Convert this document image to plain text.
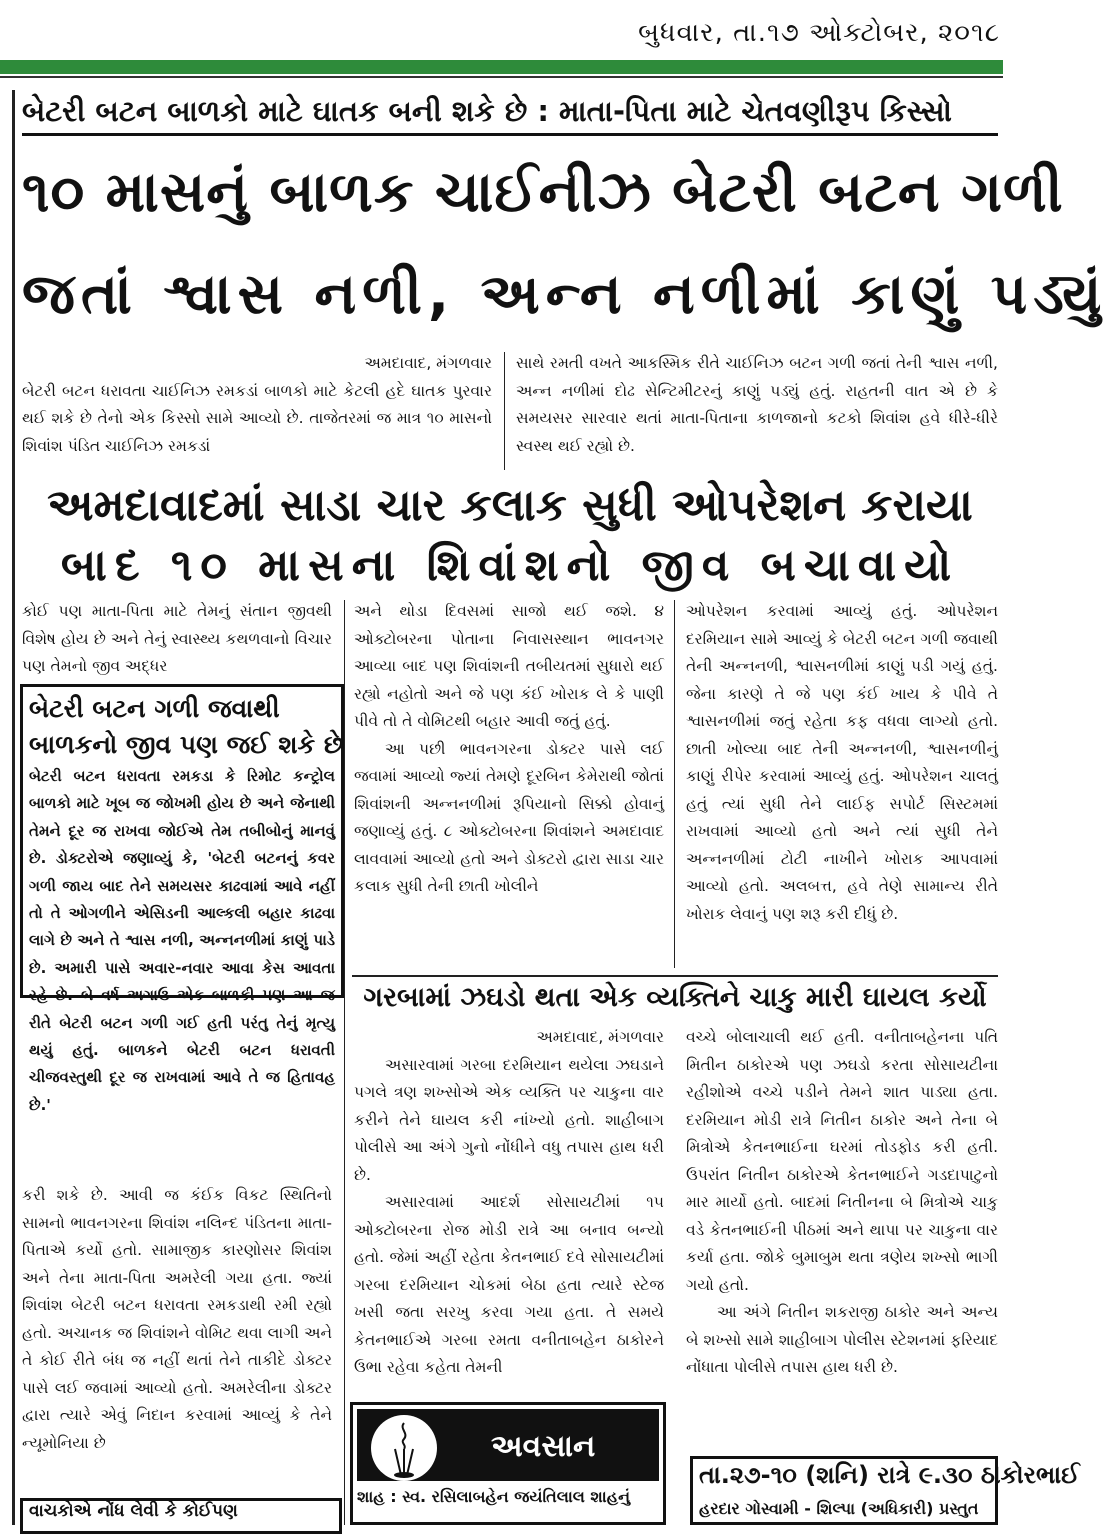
બુધવાર, તા.૧૭ ઓક્ટોબર, ૨૦૧૮
બેટરી બટન બાળકો માટે ઘાતક બની શકે છે : માતા-પિતા માટે ચેતવણીરૂપ કિસ્સો
૧૦ માસનું બાળક ચાઈનીઝ બેટરી બટન ગળી
જતાં શ્વાસ નળી, અન્ન નળીમાં કાણું પડ્યું

અમદાવાદ, મંગળવાર

બેટરી બટન ધરાવતા ચાઈનિઝ રમકડાં બાળકો માટે કેટલી હદે ઘાતક પુરવાર થઈ શકે છે તેનો એક કિસ્સો સામે આવ્યો છે. તાજેતરમાં જ માત્ર ૧૦ માસનો શિવાંશ પંડિત ચાઈનિઝ રમકડાં

સાથે રમતી વખતે આકસ્મિક રીતે ચાઈનિઝ બટન ગળી જતાં તેની શ્વાસ નળી, અન્ન નળીમાં દોઢ સેન્ટિમીટરનું કાણું પડ્યું હતું. રાહતની વાત એ છે કે સમયસર સારવાર થતાં માતા-પિતાના કાળજાનો કટકો શિવાંશ હવે ધીરે-ધીરે સ્વસ્થ થઈ રહ્યો છે.

અમદાવાદમાં સાડા ચાર કલાક સુધી ઓપરેશન કરાયા
બાદ ૧૦ માસના શિવાંશનો જીવ બચાવાયો

કોઈ પણ માતા-પિતા માટે તેમનું સંતાન જીવથી વિશેષ હોય છે અને તેનું સ્વાસ્થ્ય કથળવાનો વિચાર પણ તેમનો જીવ અદ્ધર

બેટરી બટન ગળી જવાથી
બાળકનો જીવ પણ જઈ શકે છે
બેટરી બટન ધરાવતા રમકડા કે રિમોટ કન્ટ્રોલ બાળકો માટે ખૂબ જ જોખમી હોય છે અને જેનાથી તેમને દૂર જ રાખવા જોઈએ તેમ તબીબોનું માનવું છે. ડોક્ટરોએ જણાવ્યું કે, 'બેટરી બટનનું કવર ગળી જાય બાદ તેને સમયસર કાઢવામાં આવે નહીં તો તે ઓગળીને એસિડની આલ્કલી બહાર કાઢવા લાગે છે અને તે શ્વાસ નળી, અન્નનળીમાં કાણું પાડે છે. અમારી પાસે અવાર-નવાર આવા કેસ આવતા રહે છે. બે વર્ષ અગાઉ એક બાળકી પણ આ જ રીતે બેટરી બટન ગળી ગઈ હતી પરંતુ તેનું મૃત્યુ થયું હતું. બાળકને બેટરી બટન ધરાવતી ચીજવસ્તુથી દૂર જ રાખવામાં આવે તે જ હિતાવહ છે.'

કરી શકે છે. આવી જ કંઈક વિકટ સ્થિતિનો સામનો ભાવનગરના શિવાંશ નલિન્દ પંડિતના માતા-પિતાએ કર્યો હતો. સામાજીક કારણોસર શિવાંશ અને તેના માતા-પિતા અમરેલી ગયા હતા. જ્યાં શિવાંશ બેટરી બટન ધરાવતા રમકડાથી રમી રહ્યો હતો. અચાનક જ શિવાંશને વોમિટ થવા લાગી અને તે કોઈ રીતે બંધ જ નહીં થતાં તેને તાકીદે ડોક્ટર પાસે લઈ જવામાં આવ્યો હતો. અમરેલીના ડોક્ટર દ્વારા ત્યારે એવું નિદાન કરવામાં આવ્યું કે તેને ન્યૂમોનિયા છે

વાચકોએ નોંધ લેવી કે કોઈપણ

અને થોડા દિવસમાં સાજો થઈ જશે. ૪ ઓક્ટોબરના પોતાના નિવાસસ્થાન ભાવનગર આવ્યા બાદ પણ શિવાંશની તબીયતમાં સુધારો થઈ રહ્યો નહોતો અને જે પણ કંઈ ખોરાક લે કે પાણી પીવે તો તે વોમિટથી બહાર આવી જતું હતું.

આ પછી ભાવનગરના ડોક્ટર પાસે લઈ જવામાં આવ્યો જ્યાં તેમણે દૂરબિન કેમેરાથી જોતાં શિવાંશની અન્નનળીમાં રૂપિયાનો સિક્કો હોવાનું જણાવ્યું હતું. ૮ ઓક્ટોબરના શિવાંશને અમદાવાદ લાવવામાં આવ્યો હતો અને ડોક્ટરો દ્વારા સાડા ચાર કલાક સુધી તેની છાતી ખોલીને

ઓપરેશન કરવામાં આવ્યું હતું. ઓપરેશન દરમિયાન સામે આવ્યું કે બેટરી બટન ગળી જવાથી તેની અન્નનળી, શ્વાસનળીમાં કાણું પડી ગયું હતું. જેના કારણે તે જે પણ કંઈ ખાય કે પીવે તે શ્વાસનળીમાં જતું રહેતા કફ વધવા લાગ્યો હતો. છાતી ખોલ્યા બાદ તેની અન્નનળી, શ્વાસનળીનું કાણું રીપેર કરવામાં આવ્યું હતું. ઓપરેશન ચાલતું હતું ત્યાં સુધી તેને લાઈફ સપોર્ટ સિસ્ટમમાં રાખવામાં આવ્યો હતો અને ત્યાં સુધી તેને અન્નનળીમાં ટોટી નાખીને ખોરાક આપવામાં આવ્યો હતો. અલબત્ત, હવે તેણે સામાન્ય રીતે ખોરાક લેવાનું પણ શરૂ કરી દીધું છે.

ગરબામાં ઝઘડો થતા એક વ્યક્તિને ચાકુ મારી ઘાયલ કર્યો

અમદાવાદ, મંગળવાર

અસારવામાં ગરબા દરમિયાન થયેલા ઝઘડાને પગલે ત્રણ શખ્સોએ એક વ્યક્તિ પર ચાકુના વાર કરીને તેને ઘાયલ કરી નાંખ્યો હતો. શાહીબાગ પોલીસે આ અંગે ગુનો નોંધીને વધુ તપાસ હાથ ધરી છે.

અસારવામાં આદર્શ સોસાયટીમાં ૧૫ ઓક્ટોબરના રોજ મોડી રાત્રે આ બનાવ બન્યો હતો. જેમાં અહીં રહેતા કેતનભાઈ દવે સોસાયટીમાં ગરબા દરમિયાન ચોકમાં બેઠા હતા ત્યારે સ્ટેજ ખસી જતા સરખુ કરવા ગયા હતા. તે સમયે કેતનભાઈએ ગરબા રમતા વનીતાબહેન ઠાકોરને ઉભા રહેવા કહેતા તેમની

વચ્ચે બોલાચાલી થઈ હતી. વનીતાબહેનના પતિ મિતીન ઠાકોરએ પણ ઝઘડો કરતા સોસાયટીના રહીશોએ વચ્ચે પડીને તેમને શાત પાડ્યા હતા. દરમિયાન મોડી રાત્રે નિતીન ઠાકોર અને તેના બે મિત્રોએ કેતનભાઈના ઘરમાં તોડફોડ કરી હતી. ઉપરાંત નિતીન ઠાકોરએ કેતનભાઈને ગડદાપાટુનો માર માર્યો હતો. બાદમાં નિતીનના બે મિત્રોએ ચાકુ વડે કેતનભાઈની પીઠમાં અને થાપા પર ચાકુના વાર કર્યા હતા. જોકે બુમાબુમ થતા ત્રણેય શખ્સો ભાગી ગયો હતો.

આ અંગે નિતીન શકરાજી ઠાકોર અને અન્ય બે શખ્સો સામે શાહીબાગ પોલીસ સ્ટેશનમાં ફરિયાદ નોંધાતા પોલીસે તપાસ હાથ ધરી છે.

અવસાન
શાહ : સ્વ. રસિલાબહેન જયંતિલાલ શાહનું
તા.૨૭-૧૦ (શનિ) રાત્રે ૯.૩૦ ઠાકોરભાઈ
હરદાર ગોસ્વામી - શિલ્પા (અધિકારી) પ્રસ્તુત
